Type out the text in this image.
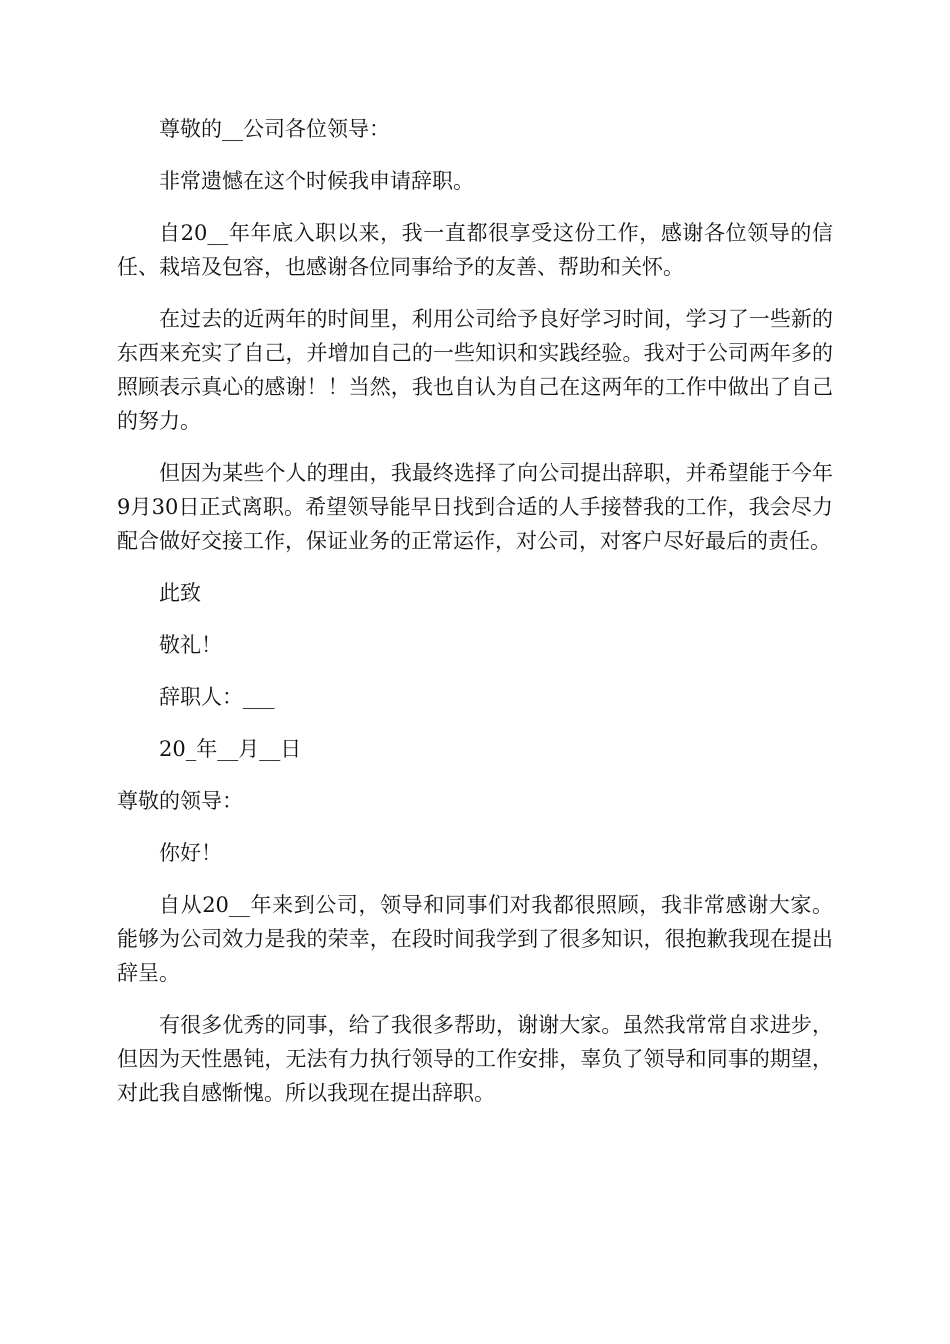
尊敬的__公司各位领导：

非常遗憾在这个时候我申请辞职。

自20__年年底入职以来，我一直都很享受这份工作，感谢各位领导的信任、栽培及包容，也感谢各位同事给予的友善、帮助和关怀。

在过去的近两年的时间里，利用公司给予良好学习时间，学习了一些新的东西来充实了自己，并增加自己的一些知识和实践经验。我对于公司两年多的照顾表示真心的感谢！！当然，我也自认为自己在这两年的工作中做出了自己的努力。

但因为某些个人的理由，我最终选择了向公司提出辞职，并希望能于今年9月30日正式离职。希望领导能早日找到合适的人手接替我的工作，我会尽力配合做好交接工作，保证业务的正常运作，对公司，对客户尽好最后的责任。

此致

敬礼！

辞职人：___

20_年__月__日

尊敬的领导：

你好！

自从20__年来到公司，领导和同事们对我都很照顾，我非常感谢大家。能够为公司效力是我的荣幸，在段时间我学到了很多知识，很抱歉我现在提出辞呈。

有很多优秀的同事，给了我很多帮助，谢谢大家。虽然我常常自求进步，但因为天性愚钝，无法有力执行领导的工作安排，辜负了领导和同事的期望，对此我自感惭愧。所以我现在提出辞职。
